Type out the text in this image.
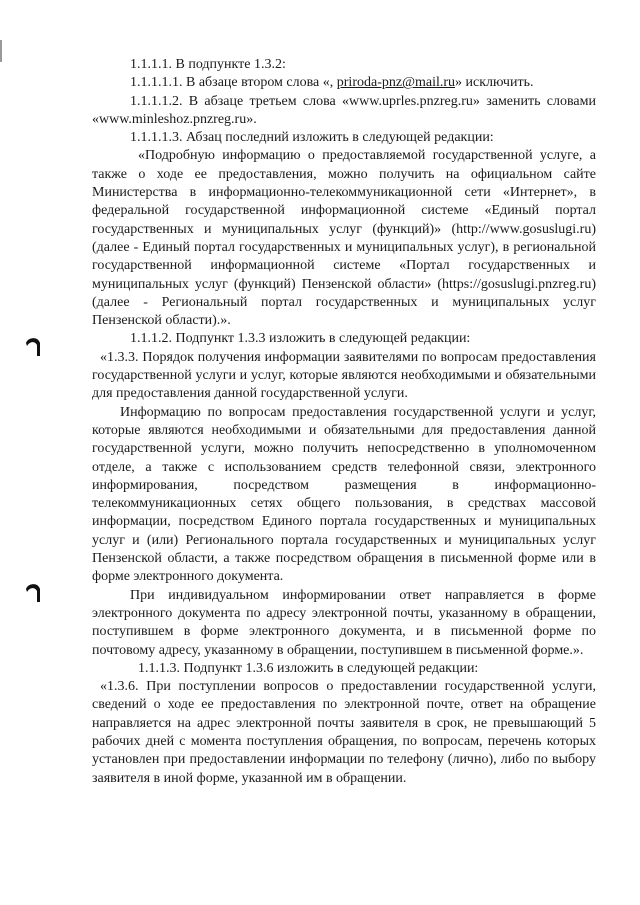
1.1.1.1. В подпункте 1.3.2:

1.1.1.1.1. В абзаце втором слова «, priroda-pnz@mail.ru» исключить.

1.1.1.1.2. В абзаце третьем слова «www.uprles.pnzreg.ru» заменить словами «www.minleshoz.pnzreg.ru».

1.1.1.1.3. Абзац последний изложить в следующей редакции:

«Подробную информацию о предоставляемой государственной услуге, а также о ходе ее предоставления, можно получить на официальном сайте Министерства в информационно-телекоммуникационной сети «Интернет», в федеральной государственной информационной системе «Единый портал государственных и муниципальных услуг (функций)» (http://www.gosuslugi.ru) (далее - Единый портал государственных и муниципальных услуг), в региональной государственной информационной системе «Портал государственных и муниципальных услуг (функций) Пензенской области» (https://gosuslugi.pnzreg.ru) (далее - Региональный портал государственных и муниципальных услуг Пензенской области).».

1.1.1.2. Подпункт 1.3.3 изложить в следующей редакции:

«1.3.3. Порядок получения информации заявителями по вопросам предоставления государственной услуги и услуг, которые являются необходимыми и обязательными для предоставления данной государственной услуги.

Информацию по вопросам предоставления государственной услуги и услуг, которые являются необходимыми и обязательными для предоставления данной государственной услуги, можно получить непосредственно в уполномоченном отделе, а также с использованием средств телефонной связи, электронного информирования, посредством размещения в информационно-телекоммуникационных сетях общего пользования, в средствах массовой информации, посредством Единого портала государственных и муниципальных услуг и (или) Регионального портала государственных и муниципальных услуг Пензенской области, а также посредством обращения в письменной форме или в форме электронного документа.

При индивидуальном информировании ответ направляется в форме электронного документа по адресу электронной почты, указанному в обращении, поступившем в форме электронного документа, и в письменной форме по почтовому адресу, указанному в обращении, поступившем в письменной форме.».

1.1.1.3. Подпункт 1.3.6 изложить в следующей редакции:

«1.3.6. При поступлении вопросов о предоставлении государственной услуги, сведений о ходе ее предоставления по электронной почте, ответ на обращение направляется на адрес электронной почты заявителя в срок, не превышающий 5 рабочих дней с момента поступления обращения, по вопросам, перечень которых установлен при предоставлении информации по телефону (лично), либо по выбору заявителя в иной форме, указанной им в обращении.
